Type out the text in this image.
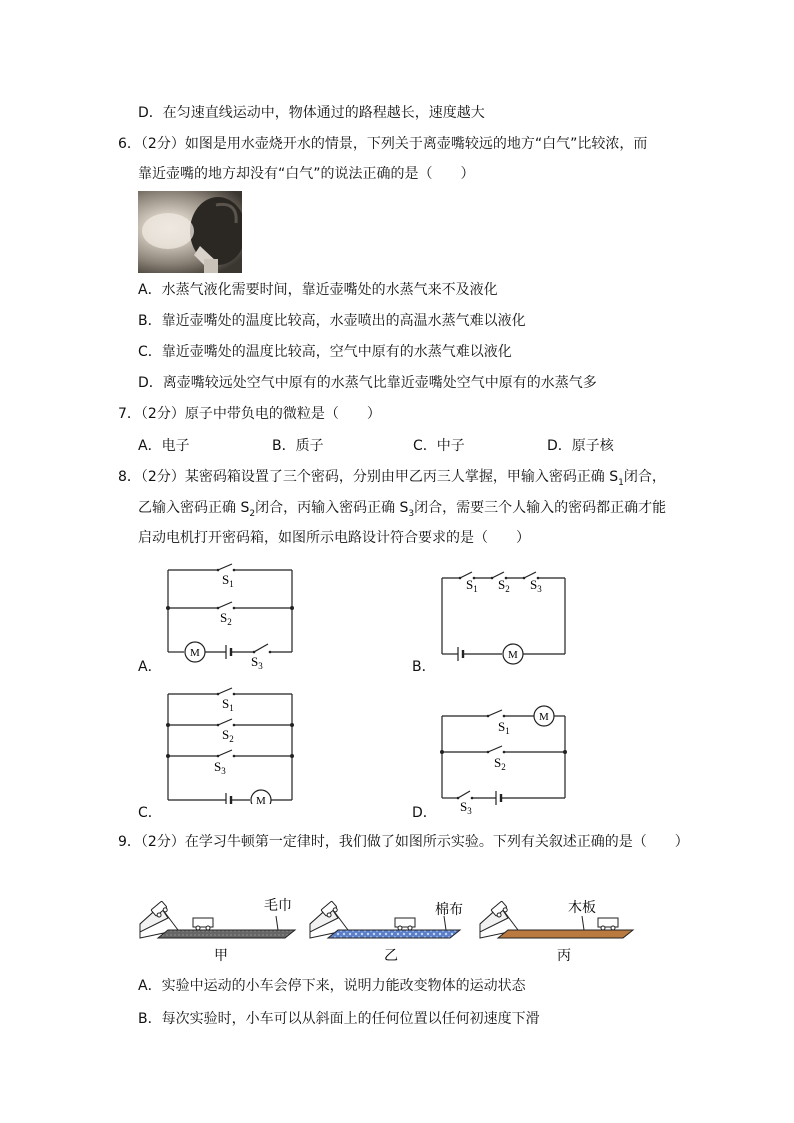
D．在匀速直线运动中，物体通过的路程越长，速度越大
6．（2分）如图是用水壶烧开水的情景，下列关于离壶嘴较远的地方“白气”比较浓，而
靠近壶嘴的地方却没有“白气”的说法正确的是（　　）
A．水蒸气液化需要时间，靠近壶嘴处的水蒸气来不及液化
B．靠近壶嘴处的温度比较高，水壶喷出的高温水蒸气难以液化
C．靠近壶嘴处的温度比较高，空气中原有的水蒸气难以液化
D．离壶嘴较远处空气中原有的水蒸气比靠近壶嘴处空气中原有的水蒸气多
7．（2分）原子中带负电的微粒是（　　）
A．电子	B．质子	C．中子	D．原子核
8．（2分）某密码箱设置了三个密码，分别由甲乙丙三人掌握，甲输入密码正确 $S_1$闭合，
乙输入密码正确 $S_2$闭合，丙输入密码正确 $S_3$闭合，需要三个人输入的密码都正确才能
启动电机打开密码箱，如图所示电路设计符合要求的是（　　）
$S_1$
$S_2$
$S_3$
M
A．
$S_1$ $S_2$ $S_3$
M
B．
$S_1$
$S_2$
$S_3$
M
C．
$S_1$
$S_2$
$S_3$
M
D．
9．（2分）在学习牛顿第一定律时，我们做了如图所示实验。下列有关叙述正确的是（　　）
毛巾
甲
棉布
乙
木板
丙
A．实验中运动的小车会停下来，说明力能改变物体的运动状态
B．每次实验时，小车可以从斜面上的任何位置以任何初速度下滑
